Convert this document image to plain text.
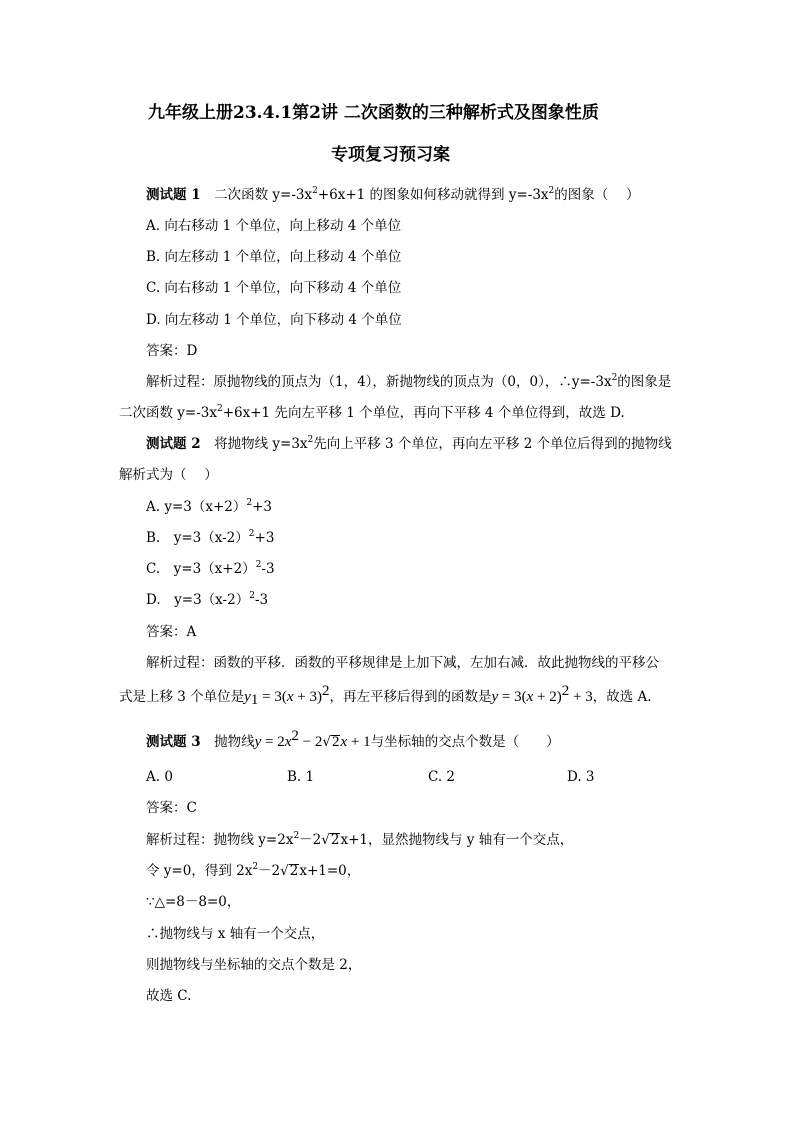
九年级上册23.4.1第2讲 二次函数的三种解析式及图象性质
专项复习预习案
测试题 1　 二次函数 $y=-3x^2+6x+1$ 的图象如何移动就得到 $y=-3x^2$的图象（　 ）
A. 向右移动 1 个单位，向上移动 4 个单位
B. 向左移动 1 个单位，向上移动 4 个单位
C. 向右移动 1 个单位，向下移动 4 个单位
D. 向左移动 1 个单位，向下移动 4 个单位
答案：D
解析过程：原抛物线的顶点为（1，4），新抛物线的顶点为（0，0），$\therefore y=-3x^2$的图象是
二次函数 $y=-3x^2+6x+1$ 先向左平移 1 个单位，再向下平移 4 个单位得到，故选 D.
测试题 2　 将抛物线 $y=3x^2$先向上平移 3 个单位，再向左平移 2 个单位后得到的抛物线
解析式为（　 ）
A. $y=3(x+2)^2+3$
B.　$y=3(x-2)^2+3$
C.　$y=3(x+2)^2-3$
D.　$y=3(x-2)^2-3$
答案：A
解析过程：函数的平移．函数的平移规律是上加下减，左加右减．故此抛物线的平移公
式是上移 3 个单位是$y_1 = 3(x + 3)^2$，再左平移后得到的函数是$y = 3(x + 2)^2 + 3$，故选 A.
测试题 3　 抛物线$y = 2x^2 - 2√2x + 1$与坐标轴的交点个数是（　　）
A. 0	B. 1	C. 2	D. 3
答案：C
解析过程：抛物线 $y=2x^2-2√2x+1$，显然抛物线与 y 轴有一个交点，
令 y=0，得到 $2x^2-2√2x+1=0$，
∵△=8－8=0，
∴抛物线与 x 轴有一个交点，
则抛物线与坐标轴的交点个数是 2，
故选 C.
